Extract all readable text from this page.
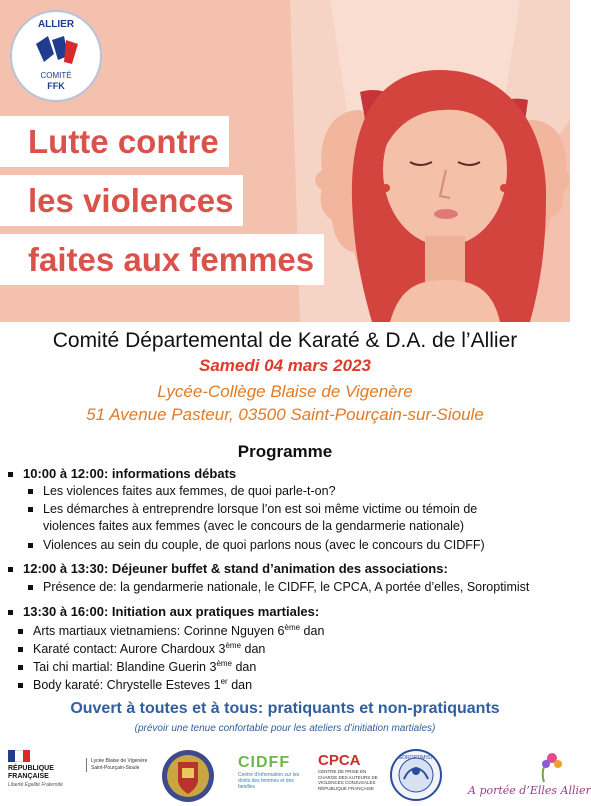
ALLIER
COMITÉ
FFK
Lutte contre
les violences
faites aux femmes
Comité Départemental de Karaté & D.A. de l’Allier
Samedi 04 mars 2023
Lycée-Collège Blaise de Vigenère
51 Avenue Pasteur, 03500 Saint-Pourçain-sur-Sioule
Programme
10:00 à 12:00: informations débats
Les violences faites aux femmes, de quoi parle-t-on?
Les démarches à entreprendre lorsque l’on est soi même victime ou témoin de
violences faites aux femmes (avec le concours de la gendarmerie nationale)
Violences au sein du couple, de quoi parlons nous (avec le concours du CIDFF)
12:00 à 13:30: Déjeuner buffet & stand d’animation des associations:
Présence de: la gendarmerie nationale, le CIDFF, le CPCA, A portée d’elles, Soroptimist
13:30 à 16:00: Initiation aux pratiques martiales:
Arts martiaux vietnamiens: Corinne Nguyen 6ème dan
Karaté contact: Aurore Chardoux 3ème dan
Tai chi martial: Blandine Guerin 3ème dan
Body karaté: Chrystelle Esteves 1er dan
Ouvert à toutes et à tous: pratiquants et non-pratiquants
(prévoir une tenue confortable pour les ateliers d’initiation martiales)
RÉPUBLIQUE
FRANÇAISE
Liberté Égalité Fraternité
Lycée Blaise de Vigenère Saint-Pourçain-Sioule	CIDFF
Centre d’information sur les droits des femmes et des familles
CPCA
CENTRE DE PRISE EN CHARGE DES AUTEURS DE VIOLENCES CONJUGALES
RÉPUBLIQUE FRANÇAISE
SOROPTIMIST
A portée d’Elles Allier
